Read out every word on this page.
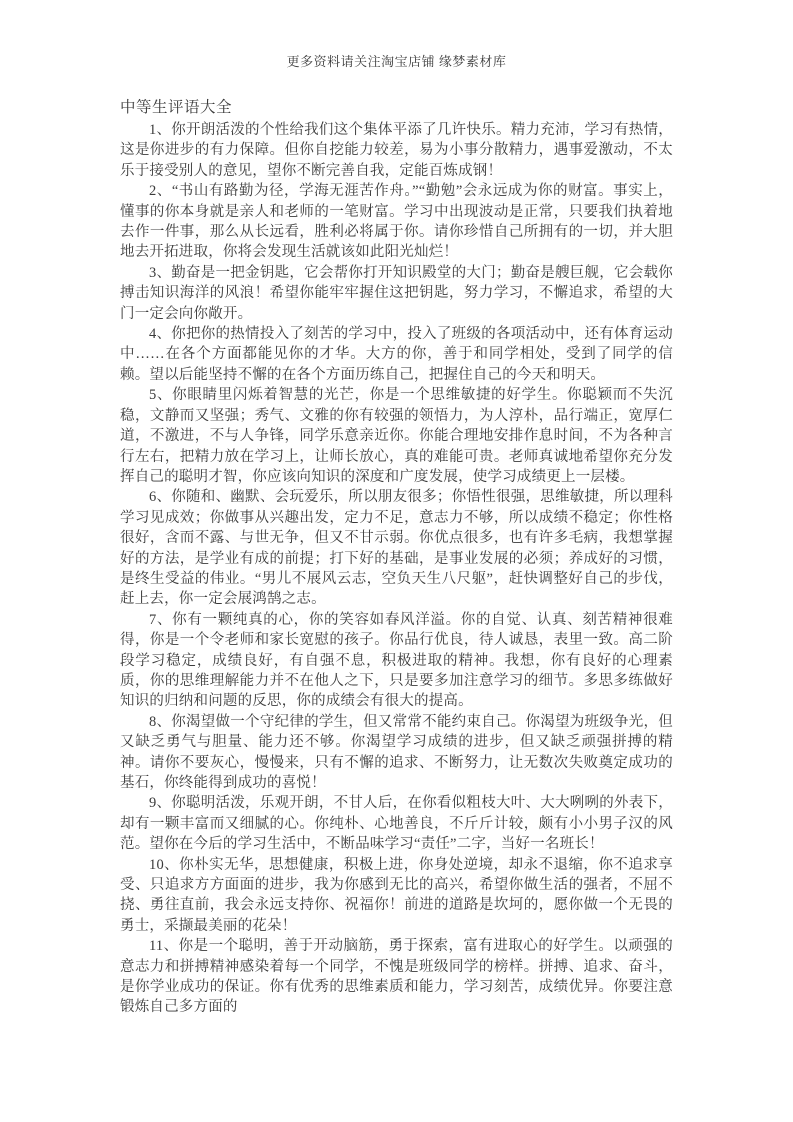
更多资料请关注淘宝店铺 缘梦素材库
中等生评语大全

1、你开朗活泼的个性给我们这个集体平添了几许快乐。精力充沛，学习有热情，这是你进步的有力保障。但你自挖能力较差，易为小事分散精力，遇事爱激动，不太乐于接受别人的意见，望你不断完善自我，定能百炼成钢！

2、“书山有路勤为径，学海无涯苦作舟。”“勤勉”会永远成为你的财富。事实上，懂事的你本身就是亲人和老师的一笔财富。学习中出现波动是正常，只要我们执着地去作一件事，那么从长远看，胜利必将属于你。请你珍惜自己所拥有的一切，并大胆地去开拓进取，你将会发现生活就该如此阳光灿烂！

3、勤奋是一把金钥匙，它会帮你打开知识殿堂的大门；勤奋是艘巨舰，它会载你搏击知识海洋的风浪！希望你能牢牢握住这把钥匙，努力学习，不懈追求，希望的大门一定会向你敞开。

4、你把你的热情投入了刻苦的学习中，投入了班级的各项活动中，还有体育运动中……在各个方面都能见你的才华。大方的你，善于和同学相处，受到了同学的信赖。望以后能坚持不懈的在各个方面历练自己，把握住自己的今天和明天。

5、你眼睛里闪烁着智慧的光芒，你是一个思维敏捷的好学生。你聪颖而不失沉稳，文静而又坚强；秀气、文雅的你有较强的领悟力，为人淳朴，品行端正，宽厚仁道，不激进，不与人争锋，同学乐意亲近你。你能合理地安排作息时间，不为各种言行左右，把精力放在学习上，让师长放心，真的难能可贵。老师真诚地希望你充分发挥自己的聪明才智，你应该向知识的深度和广度发展，使学习成绩更上一层楼。

6、你随和、幽默、会玩爱乐，所以朋友很多；你悟性很强，思维敏捷，所以理科学习见成效；你做事从兴趣出发，定力不足，意志力不够，所以成绩不稳定；你性格很好，含而不露、与世无争，但又不甘示弱。你优点很多，也有许多毛病，我想掌握好的方法，是学业有成的前提；打下好的基础，是事业发展的必须；养成好的习惯，是终生受益的伟业。“男儿不展风云志，空负天生八尺躯”，赶快调整好自己的步伐，赶上去，你一定会展鸿鹄之志。

7、你有一颗纯真的心，你的笑容如春风洋溢。你的自觉、认真、刻苦精神很难得，你是一个令老师和家长宽慰的孩子。你品行优良，待人诚恳，表里一致。高二阶段学习稳定，成绩良好，有自强不息，积极进取的精神。我想，你有良好的心理素质，你的思维理解能力并不在他人之下，只是要多加注意学习的细节。多思多练做好知识的归纳和问题的反思，你的成绩会有很大的提高。

8、你渴望做一个守纪律的学生，但又常常不能约束自己。你渴望为班级争光，但又缺乏勇气与胆量、能力还不够。你渴望学习成绩的进步，但又缺乏顽强拼搏的精神。请你不要灰心，慢慢来，只有不懈的追求、不断努力，让无数次失败奠定成功的基石，你终能得到成功的喜悦！

9、你聪明活泼，乐观开朗，不甘人后，在你看似粗枝大叶、大大咧咧的外表下，却有一颗丰富而又细腻的心。你纯朴、心地善良，不斤斤计较，颇有小小男子汉的风范。望你在今后的学习生活中，不断品味学习“责任”二字，当好一名班长！

10、你朴实无华，思想健康，积极上进，你身处逆境，却永不退缩，你不追求享受、只追求方方面面的进步，我为你感到无比的高兴，希望你做生活的强者，不屈不挠、勇往直前，我会永远支持你、祝福你！前进的道路是坎坷的，愿你做一个无畏的勇士，采撷最美丽的花朵！

11、你是一个聪明，善于开动脑筋，勇于探索，富有进取心的好学生。以顽强的意志力和拼搏精神感染着每一个同学，不愧是班级同学的榜样。拼搏、追求、奋斗，是你学业成功的保证。你有优秀的思维素质和能力，学习刻苦，成绩优异。你要注意锻炼自己多方面的
